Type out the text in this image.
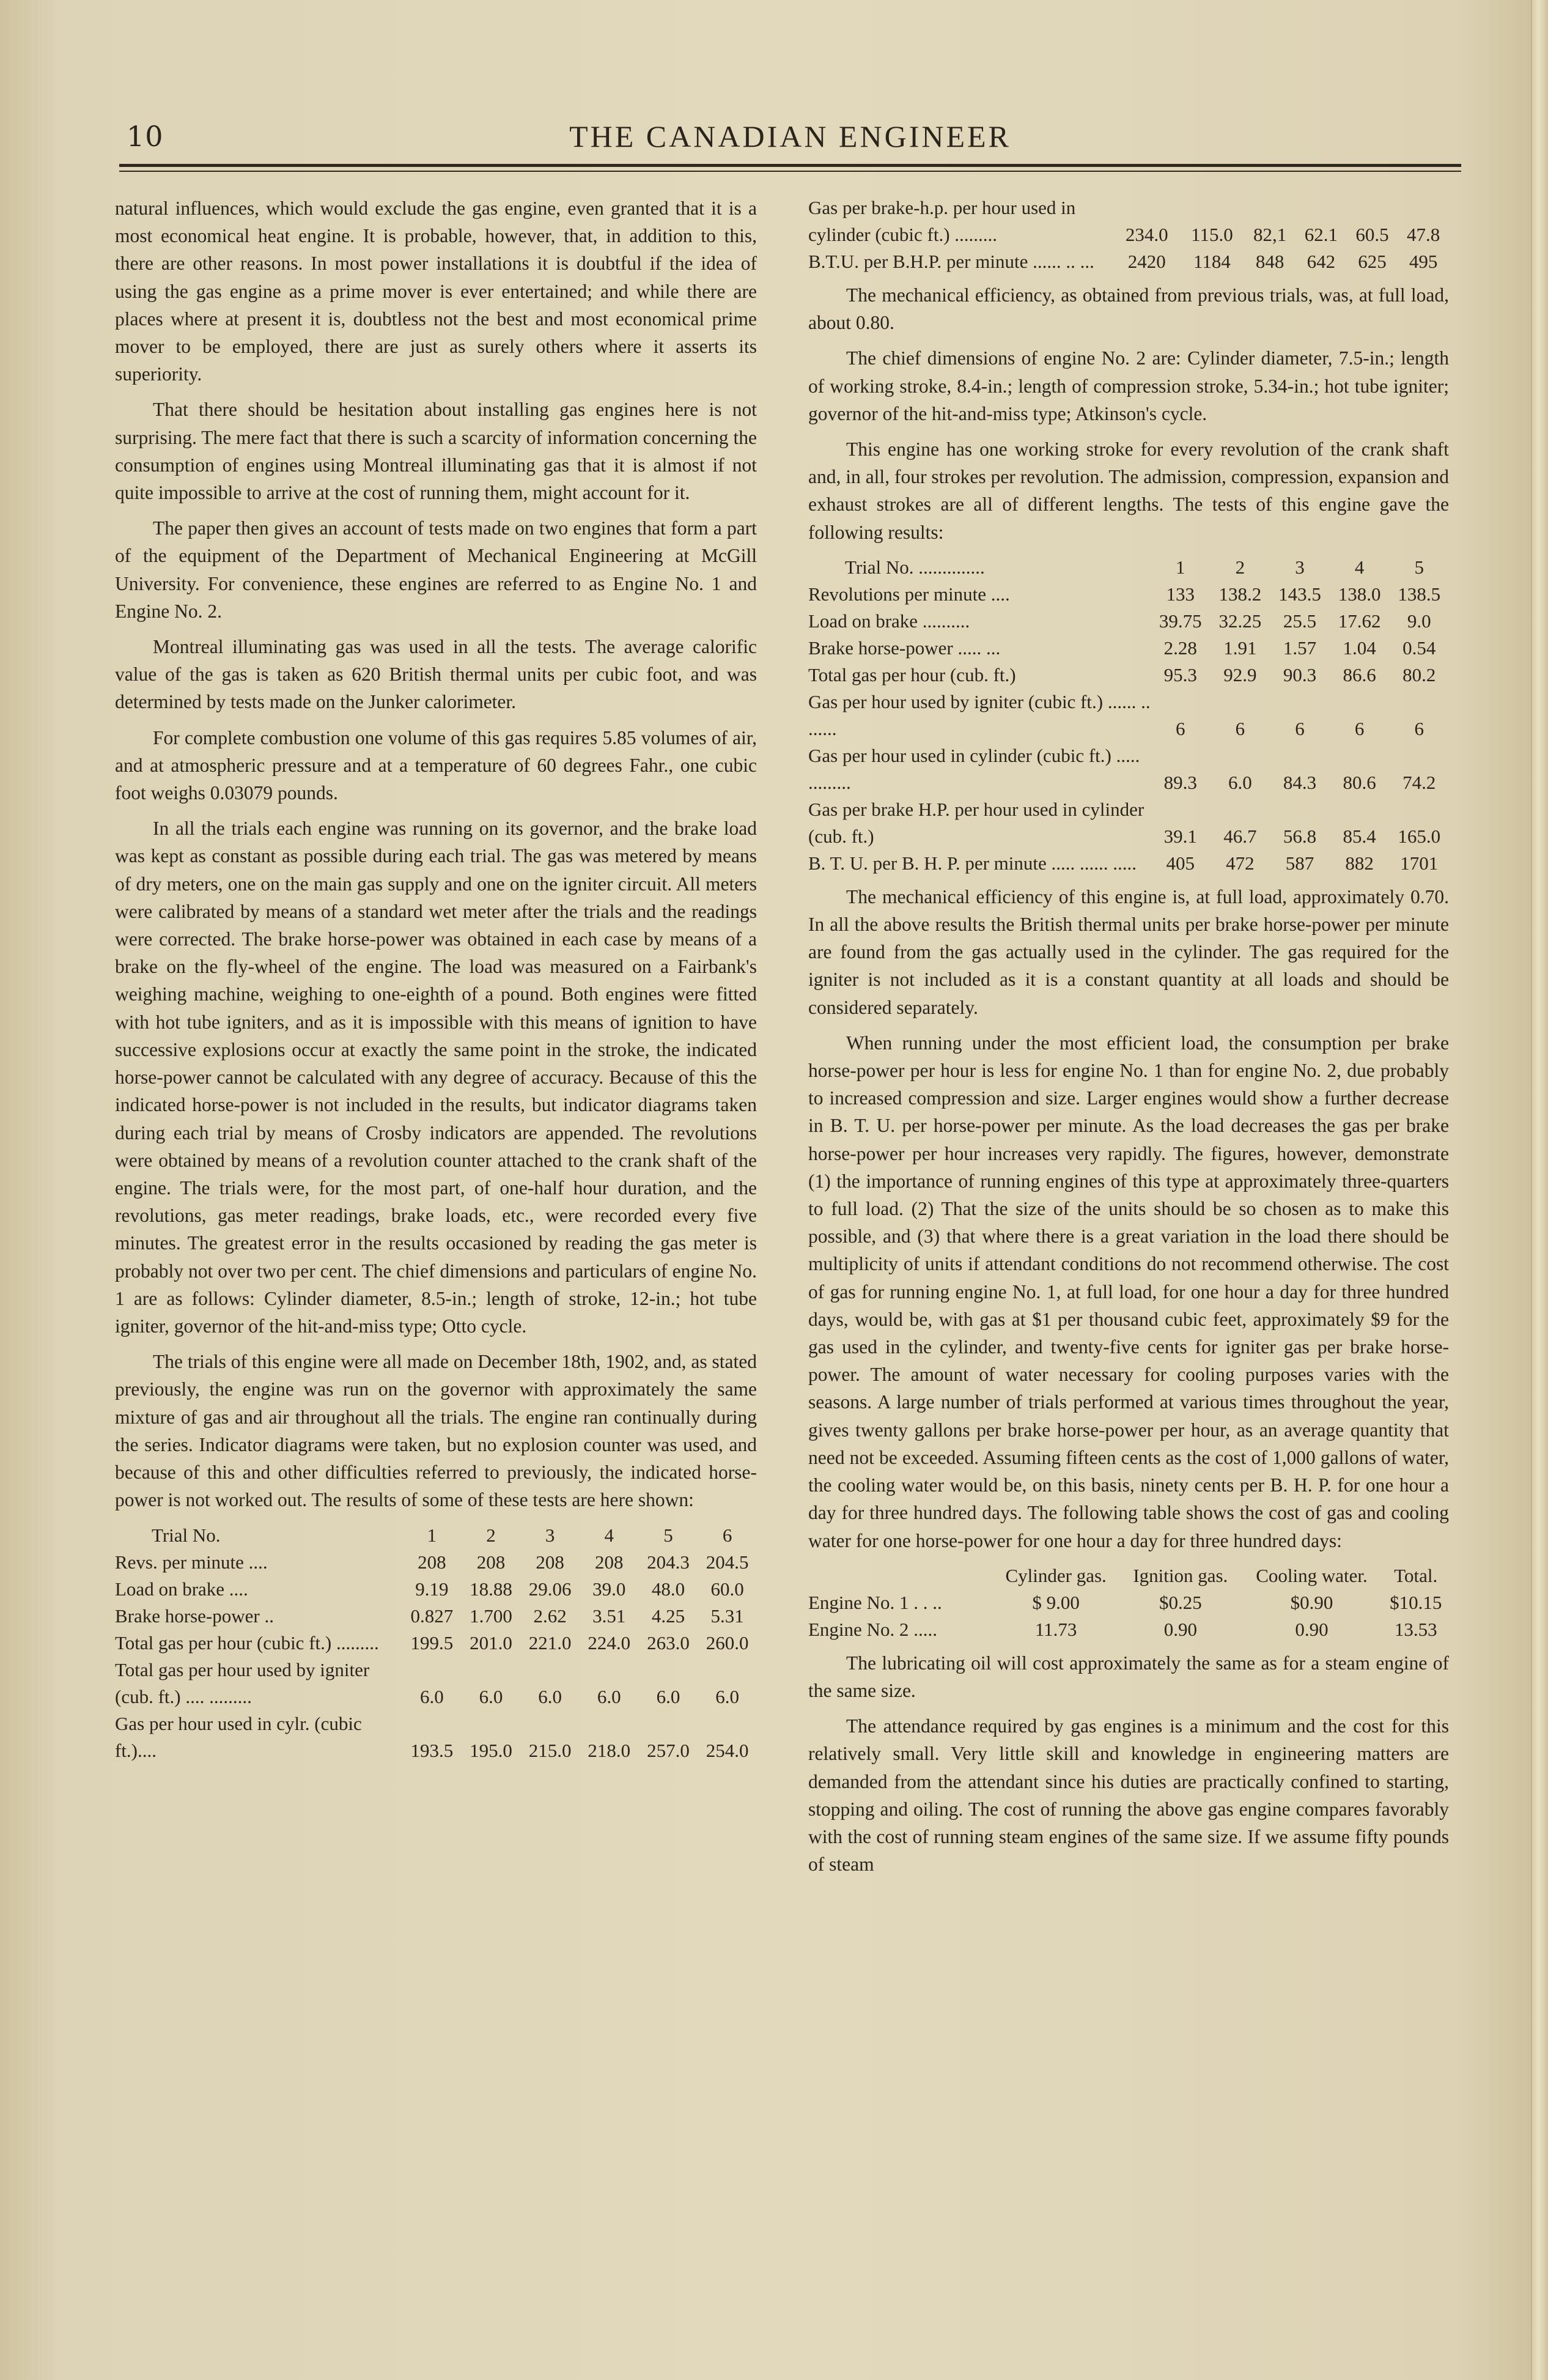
10	THE CANADIAN ENGINEER

natural influences, which would exclude the gas engine, even granted that it is a most economical heat engine. It is probable, however, that, in addition to this, there are other reasons. In most power installations it is doubtful if the idea of using the gas engine as a prime mover is ever entertained; and while there are places where at present it is, doubtless not the best and most economical prime mover to be employed, there are just as surely others where it asserts its superiority.

That there should be hesitation about installing gas engines here is not surprising. The mere fact that there is such a scarcity of information concerning the consumption of engines using Montreal illuminating gas that it is almost if not quite impossible to arrive at the cost of running them, might account for it.

The paper then gives an account of tests made on two engines that form a part of the equipment of the Department of Mechanical Engineering at McGill University. For convenience, these engines are referred to as Engine No. 1 and Engine No. 2.

Montreal illuminating gas was used in all the tests. The average calorific value of the gas is taken as 620 British thermal units per cubic foot, and was determined by tests made on the Junker calorimeter.

For complete combustion one volume of this gas requires 5.85 volumes of air, and at atmospheric pressure and at a temperature of 60 degrees Fahr., one cubic foot weighs 0.03079 pounds.

In all the trials each engine was running on its governor, and the brake load was kept as constant as possible during each trial. The gas was metered by means of dry meters, one on the main gas supply and one on the igniter circuit. All meters were calibrated by means of a standard wet meter after the trials and the readings were corrected. The brake horse-power was obtained in each case by means of a brake on the fly-wheel of the engine. The load was measured on a Fairbank's weighing machine, weighing to one-eighth of a pound. Both engines were fitted with hot tube igniters, and as it is impossible with this means of ignition to have successive explosions occur at exactly the same point in the stroke, the indicated horse-power cannot be calculated with any degree of accuracy. Because of this the indicated horse-power is not included in the results, but indicator diagrams taken during each trial by means of Crosby indicators are appended. The revolutions were obtained by means of a revolution counter attached to the crank shaft of the engine. The trials were, for the most part, of one-half hour duration, and the revolutions, gas meter readings, brake loads, etc., were recorded every five minutes. The greatest error in the results occasioned by reading the gas meter is probably not over two per cent. The chief dimensions and particulars of engine No. 1 are as follows: Cylinder diameter, 8.5-in.; length of stroke, 12-in.; hot tube igniter, governor of the hit-and-miss type; Otto cycle.

The trials of this engine were all made on December 18th, 1902, and, as stated previously, the engine was run on the governor with approximately the same mixture of gas and air throughout all the trials. The engine ran continually during the series. Indicator diagrams were taken, but no explosion counter was used, and because of this and other difficulties referred to previously, the indicated horse-power is not worked out. The results of some of these tests are here shown:

Trial No.	1	2	3	4	5	6
Revs. per minute ....	208	208	208	208	204.3	204.5
Load on brake ....	9.19	18.88	29.06	39.0	48.0	60.0
Brake horse-power ..	0.827	1.700	2.62	3.51	4.25	5.31
Total gas per hour (cubic ft.) .........	199.5	201.0	221.0	224.0	263.0	260.0
Total gas per hour used by igniter (cub. ft.) .... .........	6.0	6.0	6.0	6.0	6.0	6.0
Gas per hour used in cylr. (cubic ft.)....	193.5	195.0	215.0	218.0	257.0	254.0
Gas per brake-h.p. per hour used in cylinder (cubic ft.) .........	234.0	115.0	82,1	62.1	60.5	47.8
B.T.U. per B.H.P. per minute ...... .. ...	2420	1184	848	642	625	495

The mechanical efficiency, as obtained from previous trials, was, at full load, about 0.80.

The chief dimensions of engine No. 2 are: Cylinder diameter, 7.5-in.; length of working stroke, 8.4-in.; length of compression stroke, 5.34-in.; hot tube igniter; governor of the hit-and-miss type; Atkinson's cycle.

This engine has one working stroke for every revolution of the crank shaft and, in all, four strokes per revolution. The admission, compression, expansion and exhaust strokes are all of different lengths. The tests of this engine gave the following results:

Trial No. ..............	1	2	3	4	5
Revolutions per minute ....	133	138.2	143.5	138.0	138.5
Load on brake ..........	39.75	32.25	25.5	17.62	9.0
Brake horse-power ..... ...	2.28	1.91	1.57	1.04	0.54
Total gas per hour (cub. ft.)	95.3	92.9	90.3	86.6	80.2
Gas per hour used by igniter (cubic ft.) ...... .. ......	6	6	6	6	6
Gas per hour used in cylinder (cubic ft.) ..... .........	89.3	6.0	84.3	80.6	74.2
Gas per brake H.P. per hour used in cylinder (cub. ft.)	39.1	46.7	56.8	85.4	165.0
B. T. U. per B. H. P. per minute ..... ...... .....	405	472	587	882	1701

The mechanical efficiency of this engine is, at full load, approximately 0.70. In all the above results the British thermal units per brake horse-power per minute are found from the gas actually used in the cylinder. The gas required for the igniter is not included as it is a constant quantity at all loads and should be considered separately.

When running under the most efficient load, the consumption per brake horse-power per hour is less for engine No. 1 than for engine No. 2, due probably to increased compression and size. Larger engines would show a further decrease in B. T. U. per horse-power per minute. As the load decreases the gas per brake horse-power per hour increases very rapidly. The figures, however, demonstrate (1) the importance of running engines of this type at approximately three-quarters to full load. (2) That the size of the units should be so chosen as to make this possible, and (3) that where there is a great variation in the load there should be multiplicity of units if attendant conditions do not recommend otherwise. The cost of gas for running engine No. 1, at full load, for one hour a day for three hundred days, would be, with gas at $1 per thousand cubic feet, approximately $9 for the gas used in the cylinder, and twenty-five cents for igniter gas per brake horse-power. The amount of water necessary for cooling purposes varies with the seasons. A large number of trials performed at various times throughout the year, gives twenty gallons per brake horse-power per hour, as an average quantity that need not be exceeded. Assuming fifteen cents as the cost of 1,000 gallons of water, the cooling water would be, on this basis, ninety cents per B. H. P. for one hour a day for three hundred days. The following table shows the cost of gas and cooling water for one horse-power for one hour a day for three hundred days:

	Cylinder gas.	Ignition gas.	Cooling water.	Total.
Engine No. 1 . . ..	$ 9.00	$0.25	$0.90	$10.15
Engine No. 2 .....	11.73	0.90	0.90	13.53

The lubricating oil will cost approximately the same as for a steam engine of the same size.

The attendance required by gas engines is a minimum and the cost for this relatively small. Very little skill and knowledge in engineering matters are demanded from the attendant since his duties are practically confined to starting, stopping and oiling. The cost of running the above gas engine compares favorably with the cost of running steam engines of the same size. If we assume fifty pounds of steam
